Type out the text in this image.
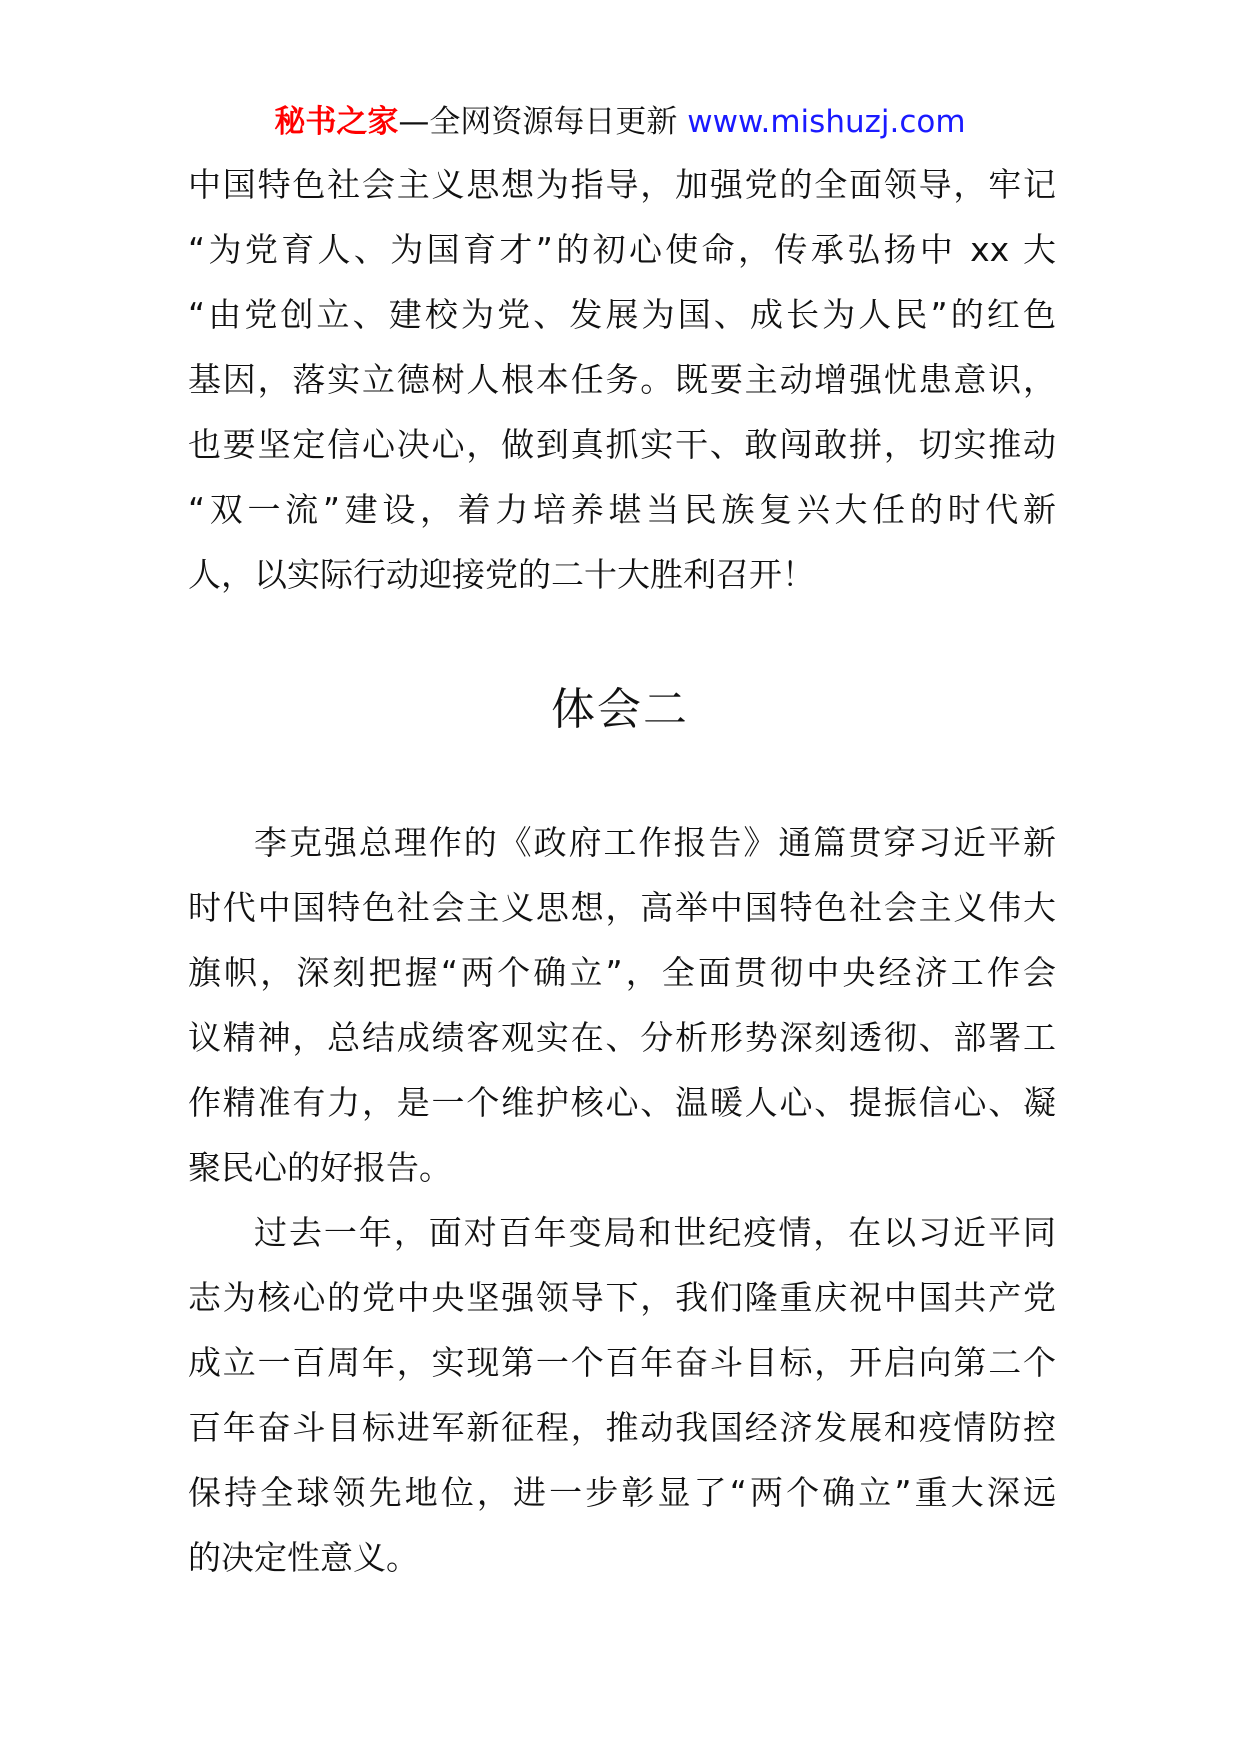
秘书之家—全网资源每日更新 www.mishuzj.com

中国特色社会主义思想为指导，加强党的全面领导，牢记
“为党育人、为国育才”的初心使命，传承弘扬中 xx 大
“由党创立、建校为党、发展为国、成长为人民”的红色
基因，落实立德树人根本任务。既要主动增强忧患意识，
也要坚定信心决心，做到真抓实干、敢闯敢拼，切实推动
“双一流”建设，着力培养堪当民族复兴大任的时代新
人，以实际行动迎接党的二十大胜利召开！

体会二

李克强总理作的《政府工作报告》通篇贯穿习近平新
时代中国特色社会主义思想，高举中国特色社会主义伟大
旗帜，深刻把握“两个确立”，全面贯彻中央经济工作会
议精神，总结成绩客观实在、分析形势深刻透彻、部署工
作精准有力，是一个维护核心、温暖人心、提振信心、凝
聚民心的好报告。

过去一年，面对百年变局和世纪疫情，在以习近平同
志为核心的党中央坚强领导下，我们隆重庆祝中国共产党
成立一百周年，实现第一个百年奋斗目标，开启向第二个
百年奋斗目标进军新征程，推动我国经济发展和疫情防控
保持全球领先地位，进一步彰显了“两个确立”重大深远
的决定性意义。
